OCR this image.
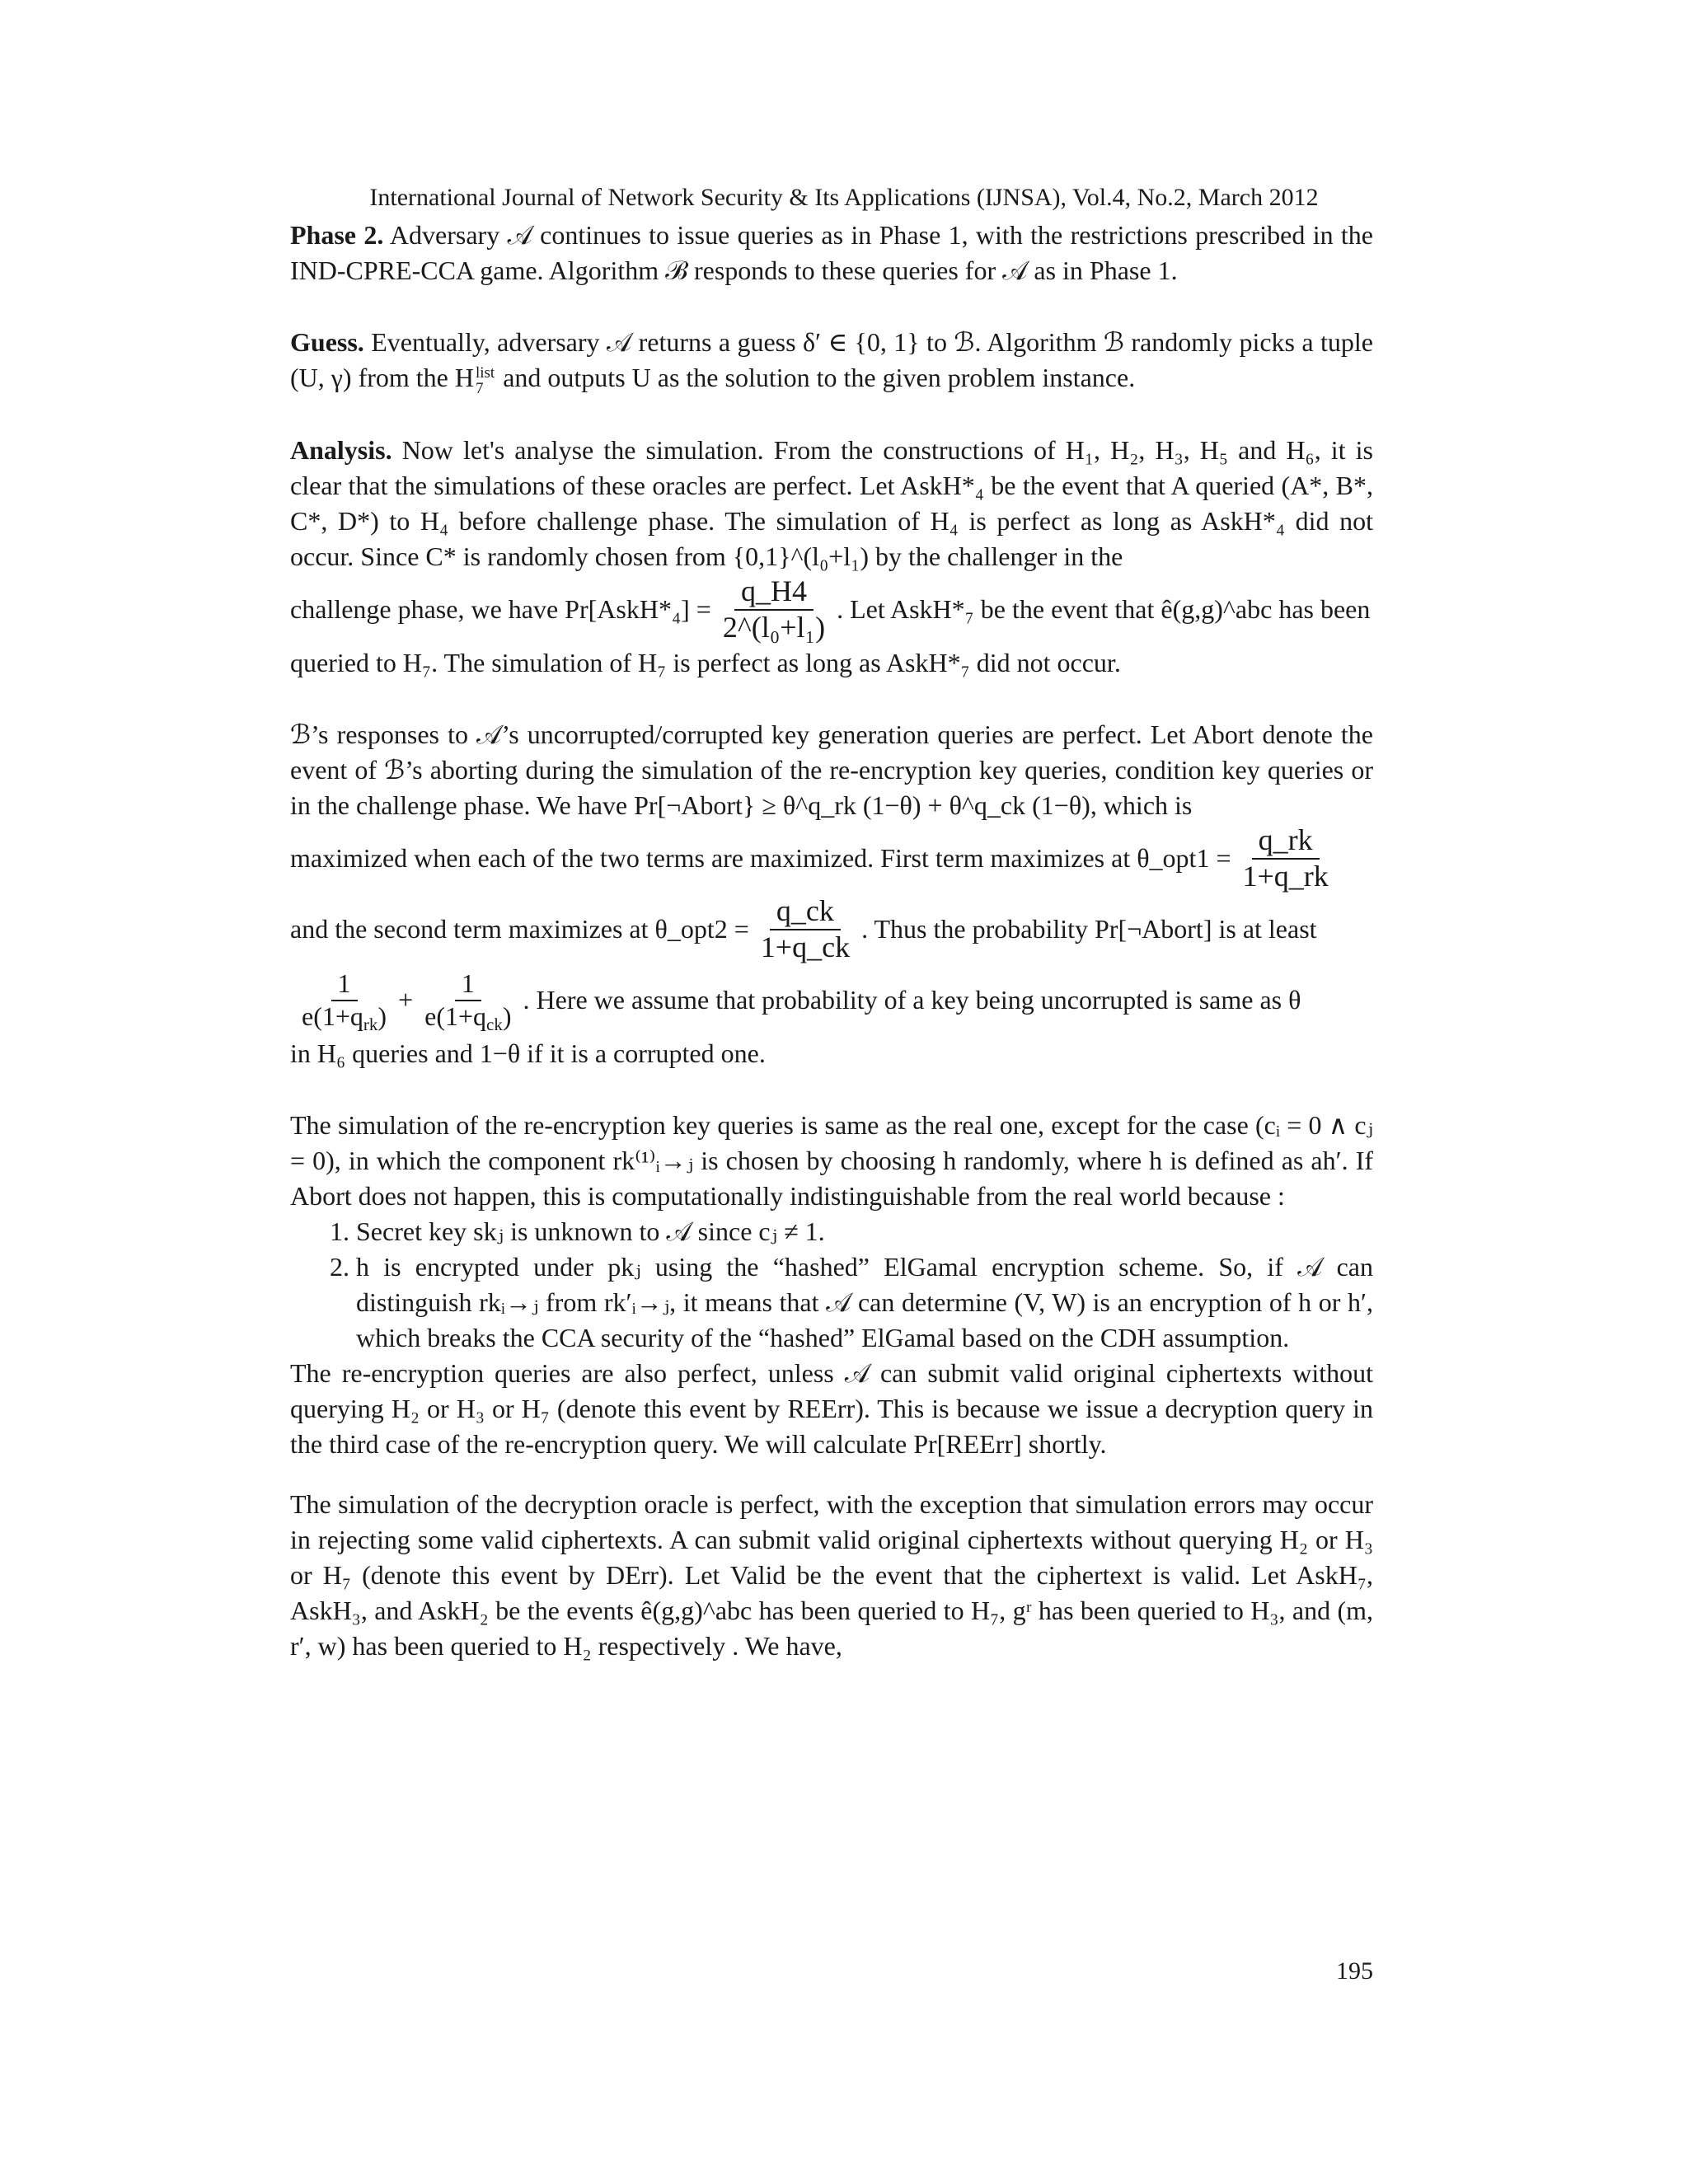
International Journal of Network Security & Its Applications (IJNSA), Vol.4, No.2, March 2012

Phase 2. Adversary 𝒜 continues to issue queries as in Phase 1, with the restrictions prescribed in the IND-CPRE-CCA game. Algorithm ℬ responds to these queries for 𝒜 as in Phase 1.

Guess. Eventually, adversary 𝒜 returns a guess δ′ ∈ {0, 1} to ℬ. Algorithm ℬ randomly picks a tuple (U, γ) from the H list
7 and outputs U as the solution to the given problem instance.

Analysis. Now let's analyse the simulation. From the constructions of H₁, H₂, H₃, H₅ and H₆, it is clear that the simulations of these oracles are perfect. Let AskH*₄ be the event that A queried (A*, B*, C*, D*) to H₄ before challenge phase. The simulation of H₄ is perfect as long as AskH*₄ did not occur. Since C* is randomly chosen from {0,1}^(l₀+l₁) by the challenger in the

challenge phase, we have Pr[AskH*₄] = $\frac{q\_H4}{\text{2\textasciicircum{}(l₀+l₁)}}$ . Let AskH*₇ be the event that ê(g,g)^abc has been

queried to H₇. The simulation of H₇ is perfect as long as AskH*₇ did not occur.

ℬ’s responses to 𝒜’s uncorrupted/corrupted key generation queries are perfect. Let Abort denote the event of ℬ’s aborting during the simulation of the re-encryption key queries, condition key queries or in the challenge phase. We have Pr[¬Abort} ≥ θ^q_rk (1−θ) + θ^q_ck (1−θ), which is

maximized when each of the two terms are maximized. First term maximizes at θ_opt1 = $\frac{q\_rk}{1+q\_rk}$
and the second term maximizes at θ_opt2 = $\frac{q\_ck}{1+q\_ck}$ . Thus the probability Pr[¬Abort] is at least
$\frac{1}{e(1+q_{rk})} + \frac{1}{e(1+q_{ck})}$ . Here we assume that probability of a key being uncorrupted is same as θ

in H₆ queries and 1−θ if it is a corrupted one.

The simulation of the re-encryption key queries is same as the real one, except for the case (cᵢ = 0 ∧ cⱼ = 0), in which the component rk⁽¹⁾ᵢ→ⱼ is chosen by choosing h randomly, where h is defined as ah′. If Abort does not happen, this is computationally indistinguishable from the real world because :

1. Secret key skⱼ is unknown to 𝒜 since cⱼ ≠ 1.
2. h is encrypted under pkⱼ using the “hashed” ElGamal encryption scheme. So, if 𝒜 can distinguish rkᵢ→ⱼ from rk′ᵢ→ⱼ, it means that 𝒜 can determine (V, W) is an encryption of h or h′, which breaks the CCA security of the “hashed” ElGamal based on the CDH assumption.

The re-encryption queries are also perfect, unless 𝒜 can submit valid original ciphertexts without querying H₂ or H₃ or H₇ (denote this event by REErr). This is because we issue a decryption query in the third case of the re-encryption query. We will calculate Pr[REErr] shortly.

The simulation of the decryption oracle is perfect, with the exception that simulation errors may occur in rejecting some valid ciphertexts. A can submit valid original ciphertexts without querying H₂ or H₃ or H₇ (denote this event by DErr). Let Valid be the event that the ciphertext is valid. Let AskH₇, AskH₃, and AskH₂ be the events ê(g,g)^abc has been queried to H₇, gʳ has been queried to H₃, and (m, r′, w) has been queried to H₂ respectively . We have,

195
